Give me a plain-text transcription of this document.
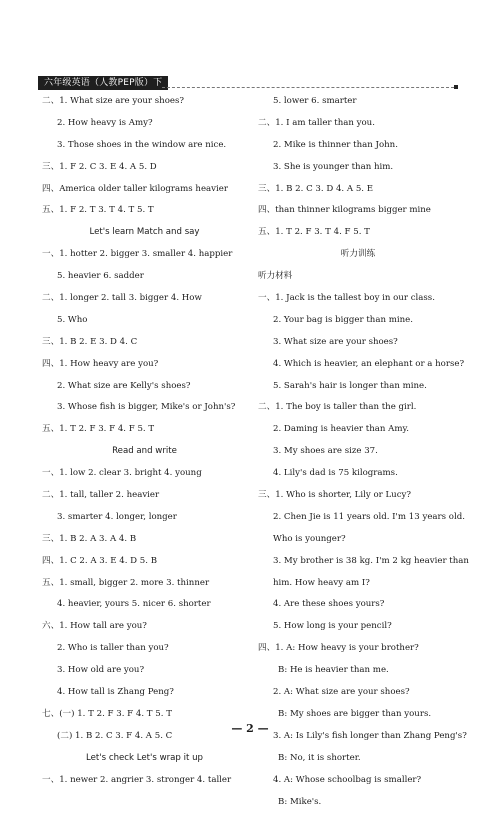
六年级英语（人教PEP版）下
二、1. What size are your shoes?
2. How heavy is Amy?
3. Those shoes in the window are nice.
三、1. F 2. C 3. E 4. A 5. D
四、America older taller kilograms heavier
五、1. F 2. T 3. T 4. T 5. T
Let's learn Match and say
一、1. hotter 2. bigger 3. smaller 4. happier
5. heavier 6. sadder
二、1. longer 2. tall 3. bigger 4. How
5. Who
三、1. B 2. E 3. D 4. C
四、1. How heavy are you?
2. What size are Kelly's shoes?
3. Whose fish is bigger, Mike's or John's?
五、1. T 2. F 3. F 4. F 5. T
Read and write
一、1. low 2. clear 3. bright 4. young
二、1. tall, taller 2. heavier
3. smarter 4. longer, longer
三、1. B 2. A 3. A 4. B
四、1. C 2. A 3. E 4. D 5. B
五、1. small, bigger 2. more 3. thinner
4. heavier, yours 5. nicer 6. shorter
六、1. How tall are you?
2. Who is taller than you?
3. How old are you?
4. How tall is Zhang Peng?
七、(一) 1. T 2. F 3. F 4. T 5. T
(二) 1. B 2. C 3. F 4. A 5. C
Let's check Let's wrap it up
一、1. newer 2. angrier 3. stronger 4. taller
5. lower 6. smarter
二、1. I am taller than you.
2. Mike is thinner than John.
3. She is younger than him.
三、1. B 2. C 3. D 4. A 5. E
四、than thinner kilograms bigger mine
五、1. T 2. F 3. T 4. F 5. T
听力训练
听力材料
一、1. Jack is the tallest boy in our class.
2. Your bag is bigger than mine.
3. What size are your shoes?
4. Which is heavier, an elephant or a horse?
5. Sarah's hair is longer than mine.
二、1. The boy is taller than the girl.
2. Daming is heavier than Amy.
3. My shoes are size 37.
4. Lily's dad is 75 kilograms.
三、1. Who is shorter, Lily or Lucy?
2. Chen Jie is 11 years old. I'm 13 years old.
Who is younger?
3. My brother is 38 kg. I'm 2 kg heavier than
him. How heavy am I?
4. Are these shoes yours?
5. How long is your pencil?
四、1. A: How heavy is your brother?
B: He is heavier than me.
2. A: What size are your shoes?
B: My shoes are bigger than yours.
3. A: Is Lily's fish longer than Zhang Peng's?
B: No, it is shorter.
4. A: Whose schoolbag is smaller?
B: Mike's.
— 2 —
